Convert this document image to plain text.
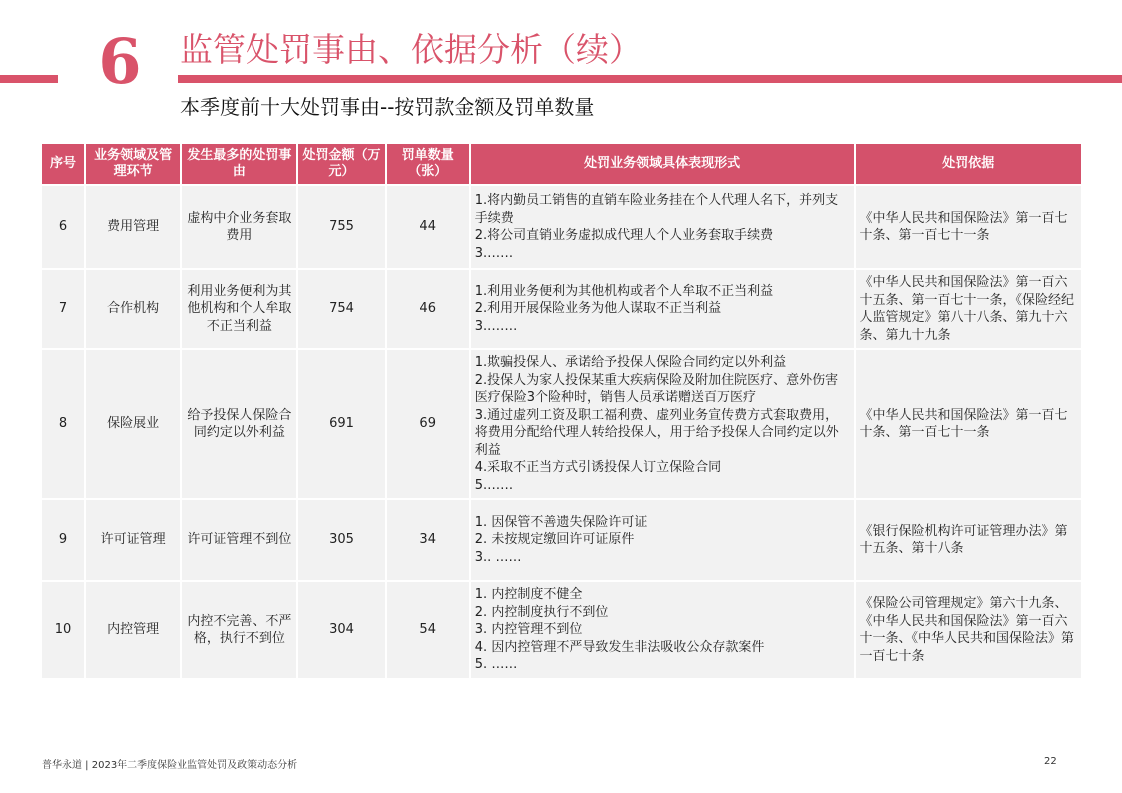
6 监管处罚事由、依据分析（续）
本季度前十大处罚事由--按罚款金额及罚单数量
序号	业务领域及管理环节	发生最多的处罚事由	处罚金额（万元）	罚单数量（张）	处罚业务领域具体表现形式	处罚依据
6	费用管理	虚构中介业务套取费用	755	44	1.将内勤员工销售的直销车险业务挂在个人代理人名下，并列支手续费
2.将公司直销业务虚拟成代理人个人业务套取手续费
3.……	《中华人民共和国保险法》第一百七十条、第一百七十一条
7	合作机构	利用业务便利为其他机构和个人牟取不正当利益	754	46	1.利用业务便利为其他机构或者个人牟取不正当利益
2.利用开展保险业务为他人谋取不正当利益
3..……	《中华人民共和国保险法》第一百六十五条、第一百七十一条，《保险经纪人监管规定》第八十八条、第九十六条、第九十九条
8	保险展业	给予投保人保险合同约定以外利益	691	69	1.欺骗投保人、承诺给予投保人保险合同约定以外利益
2.投保人为家人投保某重大疾病保险及附加住院医疗、意外伤害医疗保险3个险种时，销售人员承诺赠送百万医疗
3.通过虚列工资及职工福利费、虚列业务宣传费方式套取费用，将费用分配给代理人转给投保人，用于给予投保人合同约定以外利益
4.采取不正当方式引诱投保人订立保险合同
5.……	《中华人民共和国保险法》第一百七十条、第一百七十一条
9	许可证管理	许可证管理不到位	305	34	1. 因保管不善遗失保险许可证
2. 未按规定缴回许可证原件
3.. ……	《银行保险机构许可证管理办法》第十五条、第十八条
10	内控管理	内控不完善、不严格，执行不到位	304	54	1. 内控制度不健全
2. 内控制度执行不到位
3. 内控管理不到位
4. 因内控管理不严导致发生非法吸收公众存款案件
5. ……	《保险公司管理规定》第六十九条、《中华人民共和国保险法》第一百六十一条、《中华人民共和国保险法》第一百七十条
普华永道 | 2023年二季度保险业监管处罚及政策动态分析	22
